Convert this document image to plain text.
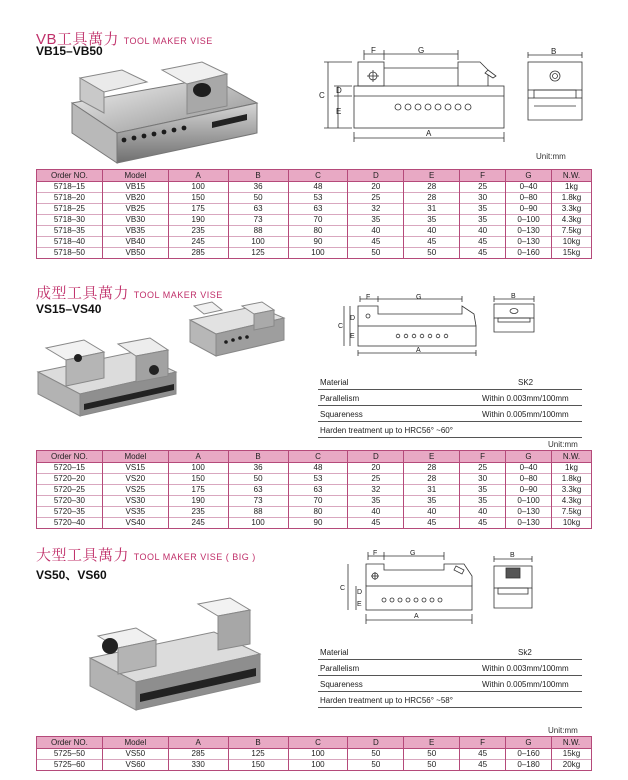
VB工具萬力 TOOL MAKER VISE
VB15–VB50	F	G
C
D
E
A
B
Unit:mm
Order NO.	Model	A	B	C	D	E	F	G	N.W.
5718–15	VB15	100	36	48	20	28	25	0–40	1kg
5718–20	VB20	150	50	53	25	28	30	0–80	1.8kg
5718–25	VB25	175	63	63	32	31	35	0–90	3.3kg
5718–30	VB30	190	73	70	35	35	35	0–100	4.3kg
5718–35	VB35	235	88	80	40	40	40	0–130	7.5kg
5718–40	VB40	245	100	90	45	45	45	0–130	10kg
5718–50	VB50	285	125	100	50	50	45	0–160	15kg
成型工具萬力 TOOL MAKER VISE
VS15–VS40
F	G
C
D
E
A
B
Material	SK2
Parallelism	Within 0.003mm/100mm
Squareness	Within 0.005mm/100mm
Harden treatment up to HRC56° ~60°
Unit:mm
Order NO.	Model	A	B	C	D	E	F	G	N.W.
5720–15	VS15	100	36	48	20	28	25	0–40	1kg
5720–20	VS20	150	50	53	25	28	30	0–80	1.8kg
5720–25	VS25	175	63	63	32	31	35	0–90	3.3kg
5720–30	VS30	190	73	70	35	35	35	0–100	4.3kg
5720–35	VS35	235	88	80	40	40	40	0–130	7.5kg
5720–40	VS40	245	100	90	45	45	45	0–130	10kg
大型工具萬力 TOOL MAKER VISE ( BIG )
VS50、VS60
F	G
C
D
E
A
B
Material	Sk2
Parallelism	Within 0.003mm/100mm
Squareness	Within 0.005mm/100mm
Harden treatment up to HRC56° ~58°
Unit:mm
Order NO.	Model	A	B	C	D	E	F	G	N.W.
5725–50	VS50	285	125	100	50	50	45	0–160	15kg
5725–60	VS60	330	150	100	50	50	45	0–180	20kg
